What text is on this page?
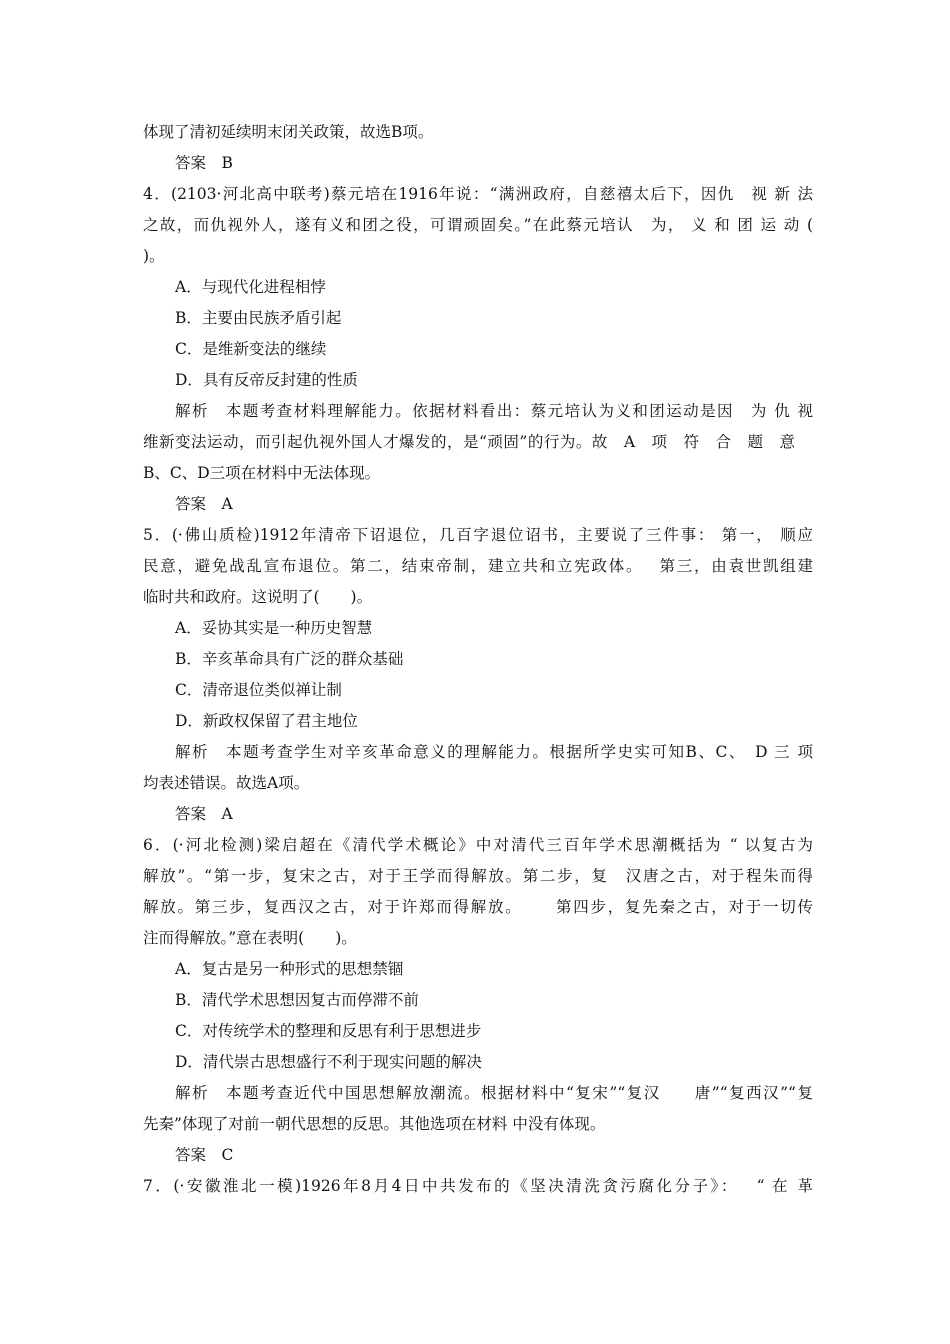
体现了清初延续明末闭关政策，故选B项。
答案　B
4．(2103·河北高中联考)蔡元培在1916年说：“满洲政府，自慈禧太后下，因仇　视 新 法
之故，而仇视外人，遂有义和团之役，可谓顽固矣。”在此蔡元培认　为， 义 和 团 运 动 (
)。
A．与现代化进程相悖
B．主要由民族矛盾引起
C．是维新变法的继续
D．具有反帝反封建的性质
解析　本题考查材料理解能力。依据材料看出：蔡元培认为义和团运动是因　为 仇 视
维新变法运动，而引起仇视外国人才爆发的，是“顽固”的行为。故　A　项　符　合　题　意
B、C、D三项在材料中无法体现。
答案　A
5．(·佛山质检)1912年清帝下诏退位，几百字退位诏书，主要说了三件事： 第一， 顺应
民意，避免战乱宣布退位。第二，结束帝制，建立共和立宪政体。　 第三，由袁世凯组建
临时共和政府。这说明了(　　)。
A．妥协其实是一种历史智慧
B．辛亥革命具有广泛的群众基础
C．清帝退位类似禅让制
D．新政权保留了君主地位
解析　本题考查学生对辛亥革命意义的理解能力。根据所学史实可知B、C、　D 三 项
均表述错误。故选A项。
答案　A
6．(·河北检测)梁启超在《清代学术概论》中对清代三百年学术思潮概括为 “ 以复古为
解放”。“第一步，复宋之古，对于王学而得解放。第二步，复　汉唐之古，对于程朱而得
解放。第三步，复西汉之古，对于许郑而得解放。　　 第四步，复先秦之古，对于一切传
注而得解放。”意在表明(　　)。
A．复古是另一种形式的思想禁锢
B．清代学术思想因复古而停滞不前
C．对传统学术的整理和反思有利于思想进步
D．清代崇古思想盛行不利于现实问题的解决
解析　本题考查近代中国思想解放潮流。根据材料中“复宋”“复汉　　唐”“复西汉”“复
先秦”体现了对前一朝代思想的反思。其他选项在材料 中没有体现。
答案　C
7．(·安徽淮北一模)1926年8月4日中共发布的《坚决清洗贪污腐化分子》：　 “ 在 革
